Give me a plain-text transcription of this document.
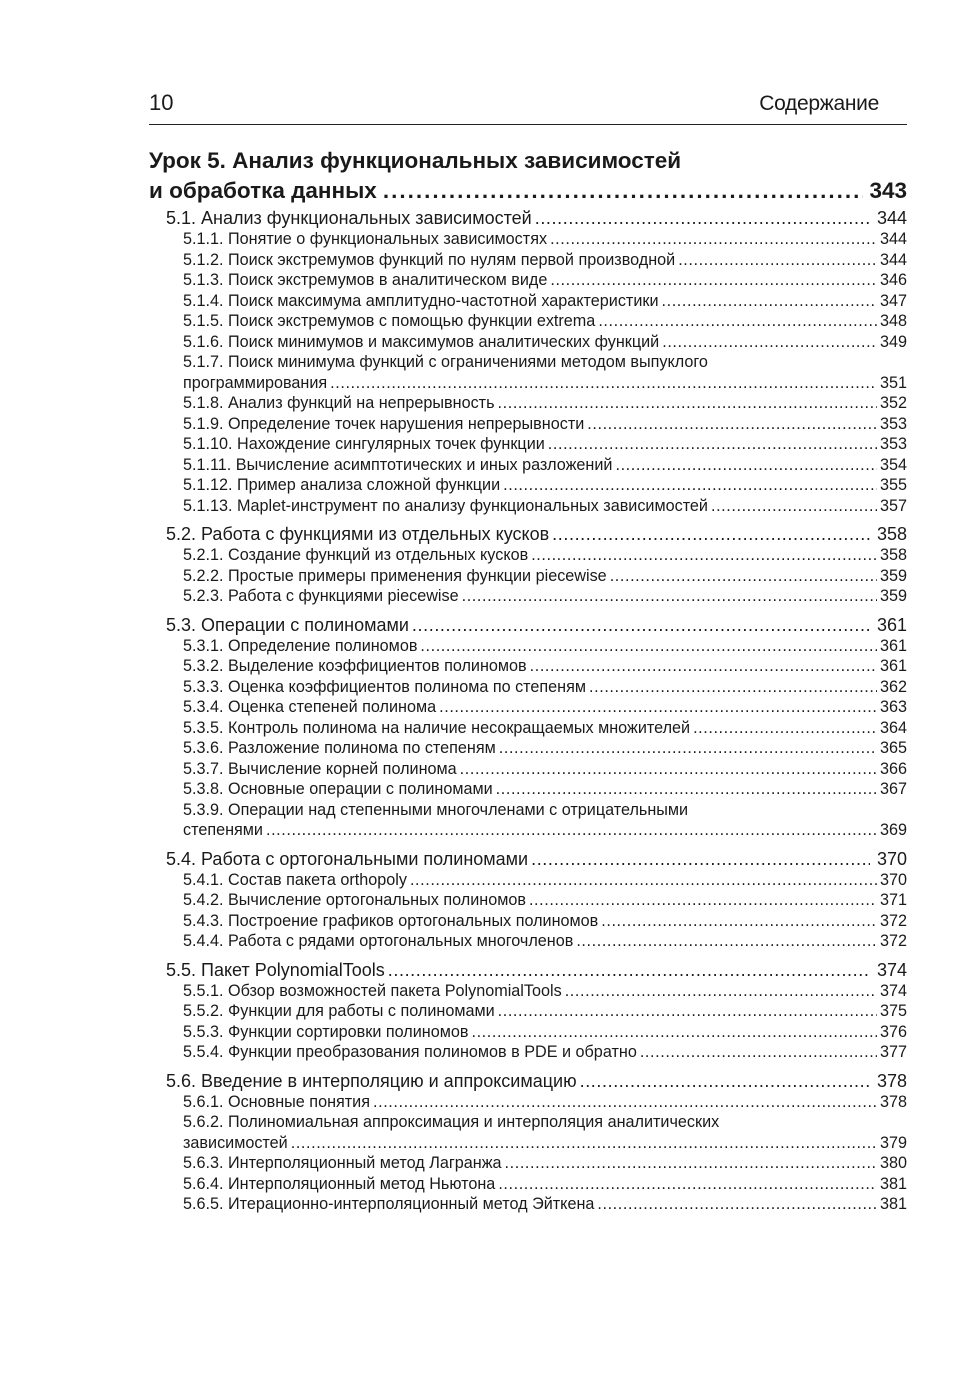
10	Содержание
Урок 5. Анализ функциональных зависимостей
и обработка данных .....	343
5.1. Анализ функциональных зависимостей .....	344
5.1.1. Понятие о функциональных зависимостях .....	344
5.1.2. Поиск экстремумов функций по нулям первой производной .....	344
5.1.3. Поиск экстремумов в аналитическом виде .....	346
5.1.4. Поиск максимума амплитудно-частотной характеристики .....	347
5.1.5. Поиск экстремумов с помощью функции extrema .....	348
5.1.6. Поиск минимумов и максимумов аналитических функций .....	349
5.1.7. Поиск минимума функций с ограничениями методом выпуклого
программирования .....	351
5.1.8. Анализ функций на непрерывность .....	352
5.1.9. Определение точек нарушения непрерывности .....	353
5.1.10. Нахождение сингулярных точек функции .....	353
5.1.11. Вычисление асимптотических и иных разложений .....	354
5.1.12. Пример анализа сложной функции .....	355
5.1.13. Maplet-инструмент по анализу функциональных зависимостей .....	357
5.2. Работа с функциями из отдельных кусков .....	358
5.2.1. Создание функций из отдельных кусков .....	358
5.2.2. Простые примеры применения функции piecewise .....	359
5.2.3. Работа с функциями piecewise .....	359
5.3. Операции с полиномами .....	361
5.3.1. Определение полиномов .....	361
5.3.2. Выделение коэффициентов полиномов .....	361
5.3.3. Оценка коэффициентов полинома по степеням .....	362
5.3.4. Оценка степеней полинома .....	363
5.3.5. Контроль полинома на наличие несокращаемых множителей .....	364
5.3.6. Разложение полинома по степеням .....	365
5.3.7. Вычисление корней полинома .....	366
5.3.8. Основные операции с полиномами .....	367
5.3.9. Операции над степенными многочленами с отрицательными
степенями .....	369
5.4. Работа с ортогональными полиномами .....	370
5.4.1. Состав пакета orthopoly .....	370
5.4.2. Вычисление ортогональных полиномов .....	371
5.4.3. Построение графиков ортогональных полиномов .....	372
5.4.4. Работа с рядами ортогональных многочленов .....	372
5.5. Пакет PolynomialTools .....	374
5.5.1. Обзор возможностей пакета PolynomialTools .....	374
5.5.2. Функции для работы с полиномами .....	375
5.5.3. Функции сортировки полиномов .....	376
5.5.4. Функции преобразования полиномов в PDE и обратно .....	377
5.6. Введение в интерполяцию и аппроксимацию .....	378
5.6.1. Основные понятия .....	378
5.6.2. Полиномиальная аппроксимация и интерполяция аналитических
зависимостей .....	379
5.6.3. Интерполяционный метод Лагранжа .....	380
5.6.4. Интерполяционный метод Ньютона .....	381
5.6.5. Итерационно-интерполяционный метод Эйткена .....	381
